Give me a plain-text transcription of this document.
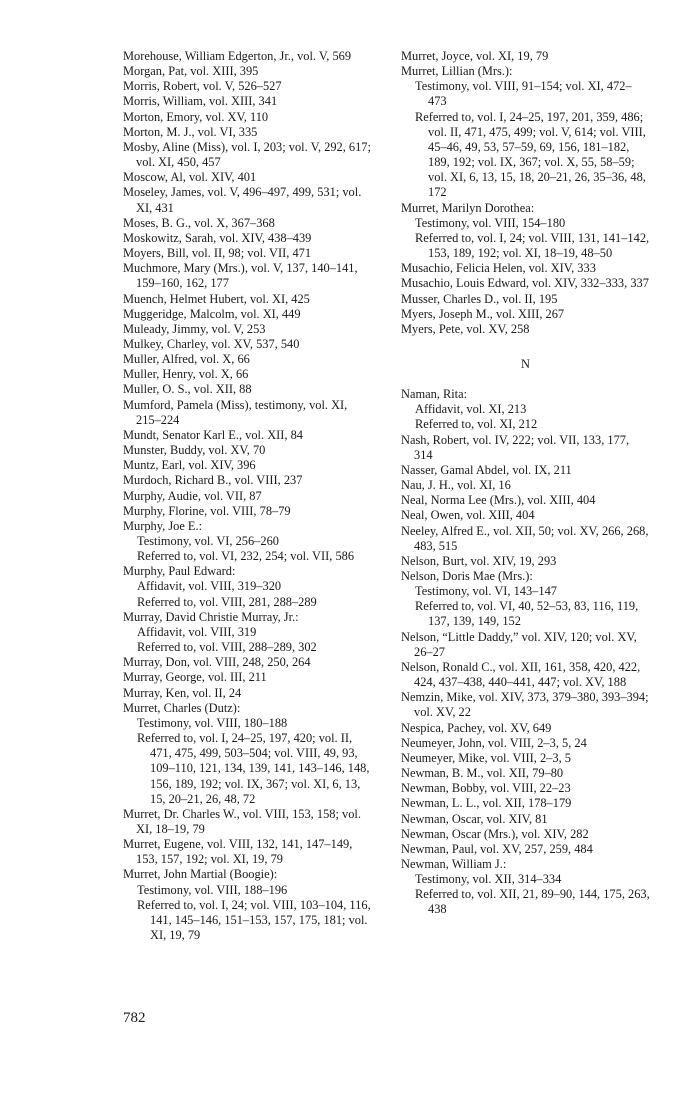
Morehouse, William Edgerton, Jr., vol. V, 569
Morgan, Pat, vol. XIII, 395
Morris, Robert, vol. V, 526–527
Morris, William, vol. XIII, 341
Morton, Emory, vol. XV, 110
Morton, M. J., vol. VI, 335
Mosby, Aline (Miss), vol. I, 203; vol. V, 292, 617; vol. XI, 450, 457
Moscow, Al, vol. XIV, 401
Moseley, James, vol. V, 496–497, 499, 531; vol. XI, 431
Moses, B. G., vol. X, 367–368
Moskowitz, Sarah, vol. XIV, 438–439
Moyers, Bill, vol. II, 98; vol. VII, 471
Muchmore, Mary (Mrs.), vol. V, 137, 140–141, 159–160, 162, 177
Muench, Helmet Hubert, vol. XI, 425
Muggeridge, Malcolm, vol. XI, 449
Muleady, Jimmy, vol. V, 253
Mulkey, Charley, vol. XV, 537, 540
Muller, Alfred, vol. X, 66
Muller, Henry, vol. X, 66
Muller, O. S., vol. XII, 88
Mumford, Pamela (Miss), testimony, vol. XI, 215–224
Mundt, Senator Karl E., vol. XII, 84
Munster, Buddy, vol. XV, 70
Muntz, Earl, vol. XIV, 396
Murdoch, Richard B., vol. VIII, 237
Murphy, Audie, vol. VII, 87
Murphy, Florine, vol. VIII, 78–79
Murphy, Joe E.:
Testimony, vol. VI, 256–260
Referred to, vol. VI, 232, 254; vol. VII, 586
Murphy, Paul Edward:
Affidavit, vol. VIII, 319–320
Referred to, vol. VIII, 281, 288–289
Murray, David Christie Murray, Jr.:
Affidavit, vol. VIII, 319
Referred to, vol. VIII, 288–289, 302
Murray, Don, vol. VIII, 248, 250, 264
Murray, George, vol. III, 211
Murray, Ken, vol. II, 24
Murret, Charles (Dutz):
Testimony, vol. VIII, 180–188
Referred to, vol. I, 24–25, 197, 420; vol. II, 471, 475, 499, 503–504; vol. VIII, 49, 93, 109–110, 121, 134, 139, 141, 143–146, 148, 156, 189, 192; vol. IX, 367; vol. XI, 6, 13, 15, 20–21, 26, 48, 72
Murret, Dr. Charles W., vol. VIII, 153, 158; vol. XI, 18–19, 79
Murret, Eugene, vol. VIII, 132, 141, 147–149, 153, 157, 192; vol. XI, 19, 79
Murret, John Martial (Boogie):
Testimony, vol. VIII, 188–196
Referred to, vol. I, 24; vol. VIII, 103–104, 116, 141, 145–146, 151–153, 157, 175, 181; vol. XI, 19, 79
Murret, Joyce, vol. XI, 19, 79
Murret, Lillian (Mrs.):
Testimony, vol. VIII, 91–154; vol. XI, 472–473
Referred to, vol. I, 24–25, 197, 201, 359, 486; vol. II, 471, 475, 499; vol. V, 614; vol. VIII, 45–46, 49, 53, 57–59, 69, 156, 181–182, 189, 192; vol. IX, 367; vol. X, 55, 58–59; vol. XI, 6, 13, 15, 18, 20–21, 26, 35–36, 48, 172
Murret, Marilyn Dorothea:
Testimony, vol. VIII, 154–180
Referred to, vol. I, 24; vol. VIII, 131, 141–142, 153, 189, 192; vol. XI, 18–19, 48–50
Musachio, Felicia Helen, vol. XIV, 333
Musachio, Louis Edward, vol. XIV, 332–333, 337
Musser, Charles D., vol. II, 195
Myers, Joseph M., vol. XIII, 267
Myers, Pete, vol. XV, 258
N
Naman, Rita:
Affidavit, vol. XI, 213
Referred to, vol. XI, 212
Nash, Robert, vol. IV, 222; vol. VII, 133, 177, 314
Nasser, Gamal Abdel, vol. IX, 211
Nau, J. H., vol. XI, 16
Neal, Norma Lee (Mrs.), vol. XIII, 404
Neal, Owen, vol. XIII, 404
Neeley, Alfred E., vol. XII, 50; vol. XV, 266, 268, 483, 515
Nelson, Burt, vol. XIV, 19, 293
Nelson, Doris Mae (Mrs.):
Testimony, vol. VI, 143–147
Referred to, vol. VI, 40, 52–53, 83, 116, 119, 137, 139, 149, 152
Nelson, “Little Daddy,” vol. XIV, 120; vol. XV, 26–27
Nelson, Ronald C., vol. XII, 161, 358, 420, 422, 424, 437–438, 440–441, 447; vol. XV, 188
Nemzin, Mike, vol. XIV, 373, 379–380, 393–394; vol. XV, 22
Nespica, Pachey, vol. XV, 649
Neumeyer, John, vol. VIII, 2–3, 5, 24
Neumeyer, Mike, vol. VIII, 2–3, 5
Newman, B. M., vol. XII, 79–80
Newman, Bobby, vol. VIII, 22–23
Newman, L. L., vol. XII, 178–179
Newman, Oscar, vol. XIV, 81
Newman, Oscar (Mrs.), vol. XIV, 282
Newman, Paul, vol. XV, 257, 259, 484
Newman, William J.:
Testimony, vol. XII, 314–334
Referred to, vol. XII, 21, 89–90, 144, 175, 263, 438
782
